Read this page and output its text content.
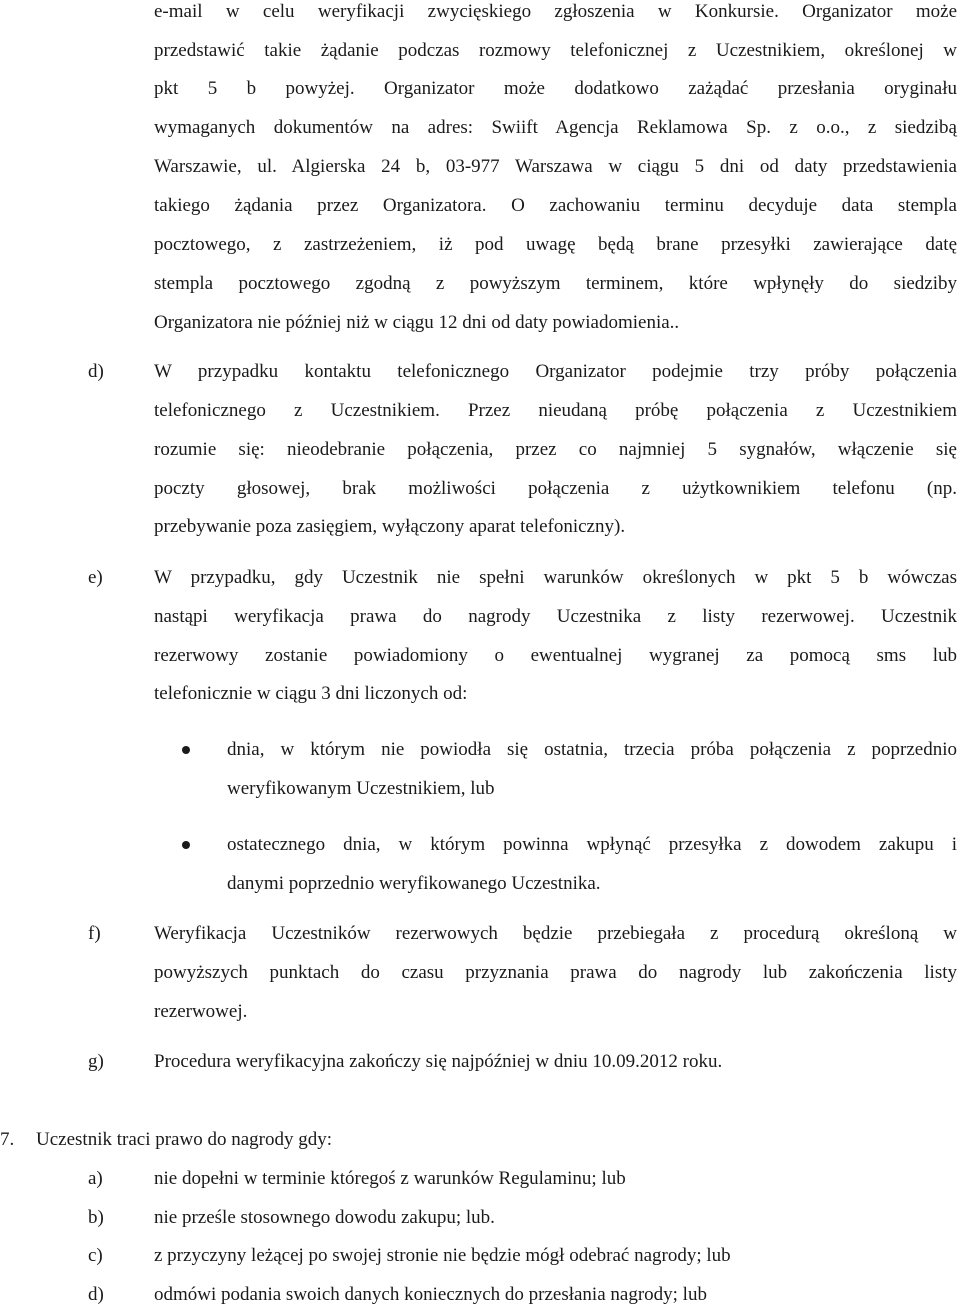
e-mail w celu weryfikacji zwycięskiego zgłoszenia w Konkursie. Organizator może
przedstawić takie żądanie podczas rozmowy telefonicznej z Uczestnikiem, określonej w
pkt 5 b powyżej. Organizator może dodatkowo zażądać przesłania oryginału
wymaganych dokumentów na adres: Swiift Agencja Reklamowa Sp. z o.o., z siedzibą
Warszawie, ul. Algierska 24 b, 03-977 Warszawa w ciągu 5 dni od daty przedstawienia
takiego żądania przez Organizatora. O zachowaniu terminu decyduje data stempla
pocztowego, z zastrzeżeniem, iż pod uwagę będą brane przesyłki zawierające datę
stempla pocztowego zgodną z powyższym terminem, które wpłynęły do siedziby
Organizatora nie później niż w ciągu 12 dni od daty powiadomienia..
d)	W przypadku kontaktu telefonicznego Organizator podejmie trzy próby połączenia
telefonicznego z Uczestnikiem. Przez nieudaną próbę połączenia z Uczestnikiem
rozumie się: nieodebranie połączenia, przez co najmniej 5 sygnałów, włączenie się
poczty głosowej, brak możliwości połączenia z użytkownikiem telefonu (np.
przebywanie poza zasięgiem, wyłączony aparat telefoniczny).
e)	W przypadku, gdy Uczestnik nie spełni warunków określonych w pkt 5 b wówczas
nastąpi weryfikacja prawa do nagrody Uczestnika z listy rezerwowej. Uczestnik
rezerwowy zostanie powiadomiony o ewentualnej wygranej za pomocą sms lub
telefonicznie w ciągu 3 dni liczonych od:
dnia, w którym nie powiodła się ostatnia, trzecia próba połączenia z poprzednio
weryfikowanym Uczestnikiem, lub
ostatecznego dnia, w którym powinna wpłynąć przesyłka z dowodem zakupu i
danymi poprzednio weryfikowanego Uczestnika.
f)	Weryfikacja Uczestników rezerwowych będzie przebiegała z procedurą określoną w
powyższych punktach do czasu przyznania prawa do nagrody lub zakończenia listy
rezerwowej.
g)	Procedura weryfikacyjna zakończy się najpóźniej w dniu 10.09.2012 roku.
7. Uczestnik traci prawo do nagrody gdy:
a)	nie dopełni w terminie któregoś z warunków Regulaminu; lub
b)	nie prześle stosownego dowodu zakupu; lub.
c)	z przyczyny leżącej po swojej stronie nie będzie mógł odebrać nagrody; lub
d)	odmówi podania swoich danych koniecznych do przesłania nagrody; lub
